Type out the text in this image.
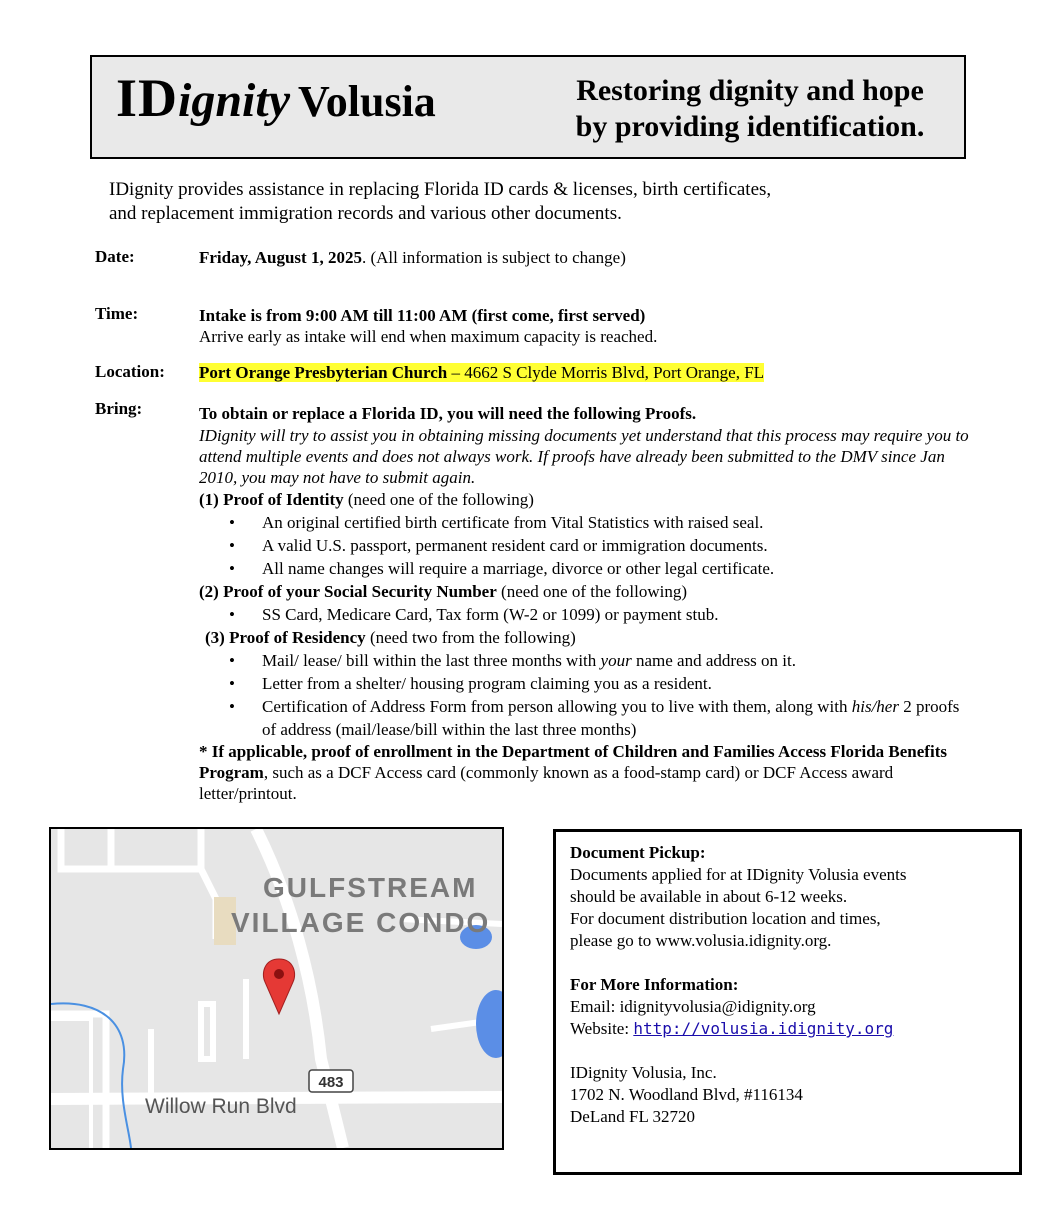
IDignity Volusia	Restoring dignity and hope
by providing identification.
IDignity provides assistance in replacing Florida ID cards & licenses, birth certificates,
and replacement immigration records and various other documents.
Date:	Friday, August 1, 2025. (All information is subject to change)
Time:	Intake is from 9:00 AM till 11:00 AM (first come, first served)
Arrive early as intake will end when maximum capacity is reached.
Location: Port Orange Presbyterian Church – 4662 S Clyde Morris Blvd, Port Orange, FL
Bring:	To obtain or replace a Florida ID, you will need the following Proofs.
IDignity will try to assist you in obtaining missing documents yet understand that this process may require you to attend multiple events and does not always work. If proofs have already been submitted to the DMV since Jan 2010, you may not have to submit again.

(1) Proof of Identity (need one of the following)

• An original certified birth certificate from Vital Statistics with raised seal.
• A valid U.S. passport, permanent resident card or immigration documents.
• All name changes will require a marriage, divorce or other legal certificate.

(2) Proof of your Social Security Number (need one of the following)

• SS Card, Medicare Card, Tax form (W-2 or 1099) or payment stub.

(3) Proof of Residency (need two from the following)

• Mail/ lease/ bill within the last three months with your name and address on it.
• Letter from a shelter/ housing program claiming you as a resident.
• Certification of Address Form from person allowing you to live with them, along with his/her 2 proofs of address (mail/lease/bill within the last three months)
* If applicable, proof of enrollment in the Department of Children and Families Access Florida Benefits Program, such as a DCF Access card (commonly known as a food-stamp card) or DCF Access award letter/printout.
GULFSTREAM
VILLAGE CONDO
483
Willow Run Blvd

Document Pickup:

Documents applied for at IDignity Volusia events

should be available in about 6-12 weeks.

For document distribution location and times,

please go to www.volusia.idignity.org.

For More Information:

Email: idignityvolusia@idignity.org

Website: http://volusia.idignity.org

IDignity Volusia, Inc.

1702 N. Woodland Blvd, #116134

DeLand FL 32720
